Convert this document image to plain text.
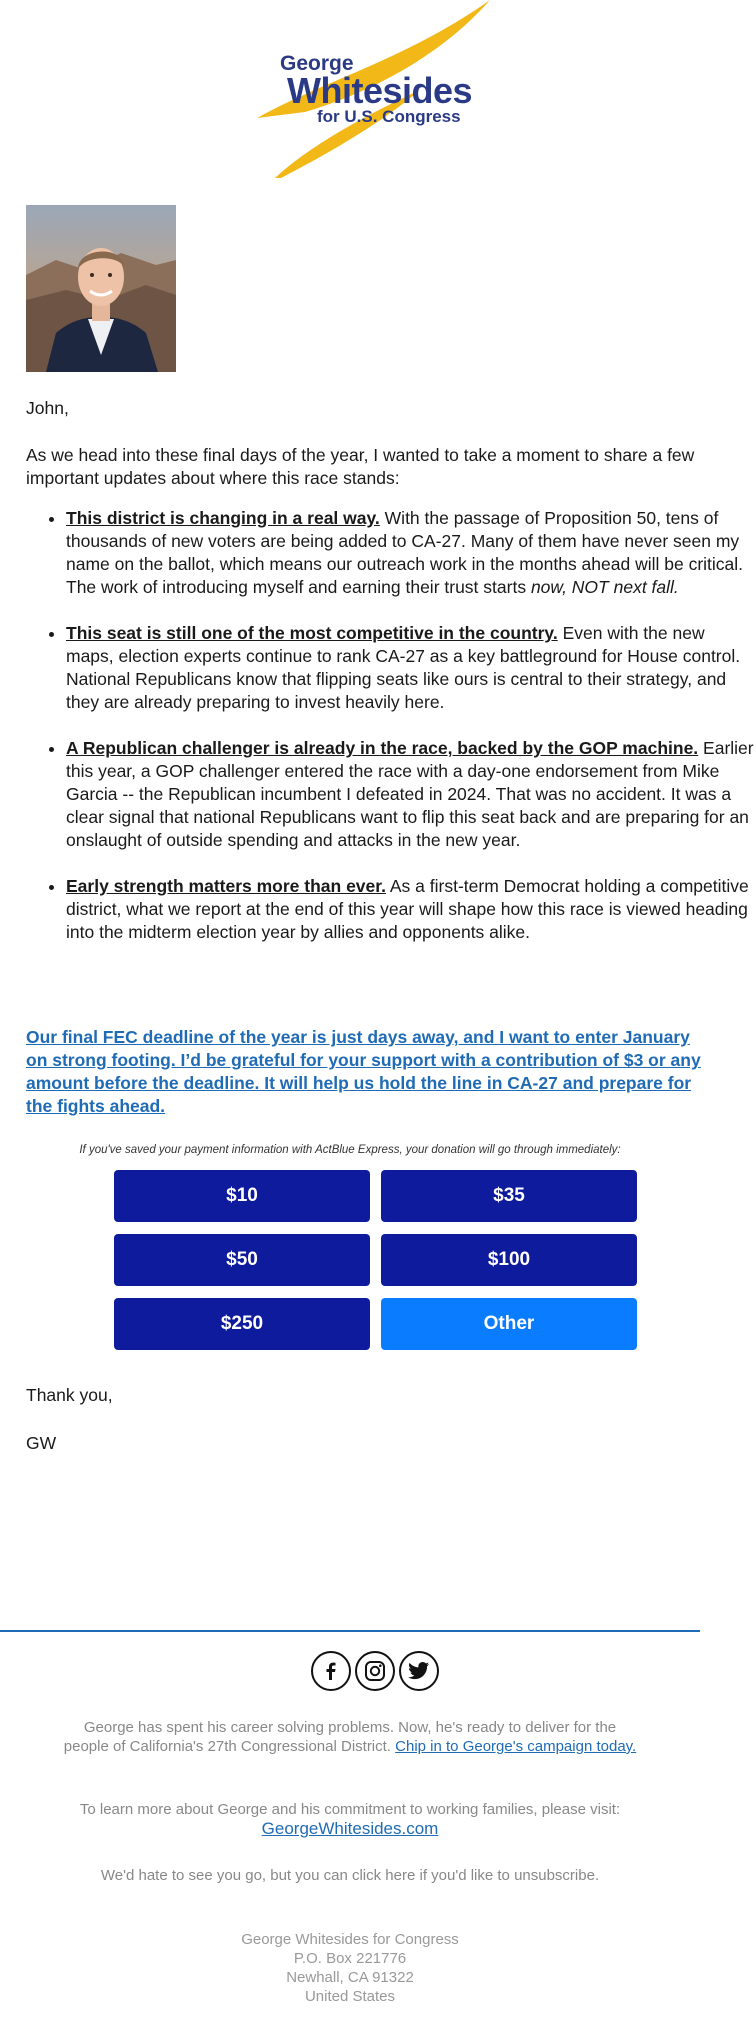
George
Whitesides
for U.S. Congress
John,
As we head into these final days of the year, I wanted to take a moment to share a few important updates about where this race stands:
• This district is changing in a real way. With the passage of Proposition 50, tens of thousands of new voters are being added to CA-27. Many of them have never seen my name on the ballot, which means our outreach work in the months ahead will be critical. The work of introducing myself and earning their trust starts now, NOT next fall.
• This seat is still one of the most competitive in the country. Even with the new maps, election experts continue to rank CA-27 as a key battleground for House control. National Republicans know that flipping seats like ours is central to their strategy, and they are already preparing to invest heavily here.
• A Republican challenger is already in the race, backed by the GOP machine. Earlier this year, a GOP challenger entered the race with a day-one endorsement from Mike Garcia -- the Republican incumbent I defeated in 2024. That was no accident. It was a clear signal that national Republicans want to flip this seat back and are preparing for an onslaught of outside spending and attacks in the new year.
• Early strength matters more than ever. As a first-term Democrat holding a competitive district, what we report at the end of this year will shape how this race is viewed heading into the midterm election year by allies and opponents alike.
Our final FEC deadline of the year is just days away, and I want to enter January on strong footing. I’d be grateful for your support with a contribution of $3 or any amount before the deadline. It will help us hold the line in CA-27 and prepare for the fights ahead.
If you've saved your payment information with ActBlue Express, your donation will go through immediately:
$10	$35
$50	$100
$250	Other
Thank you,
GW
George has spent his career solving problems. Now, he's ready to deliver for the people of California's 27th Congressional District. Chip in to George's campaign today.
To learn more about George and his commitment to working families, please visit:
GeorgeWhitesides.com
We'd hate to see you go, but you can click here if you'd like to unsubscribe.
George Whitesides for Congress
P.O. Box 221776
Newhall, CA 91322
United States
